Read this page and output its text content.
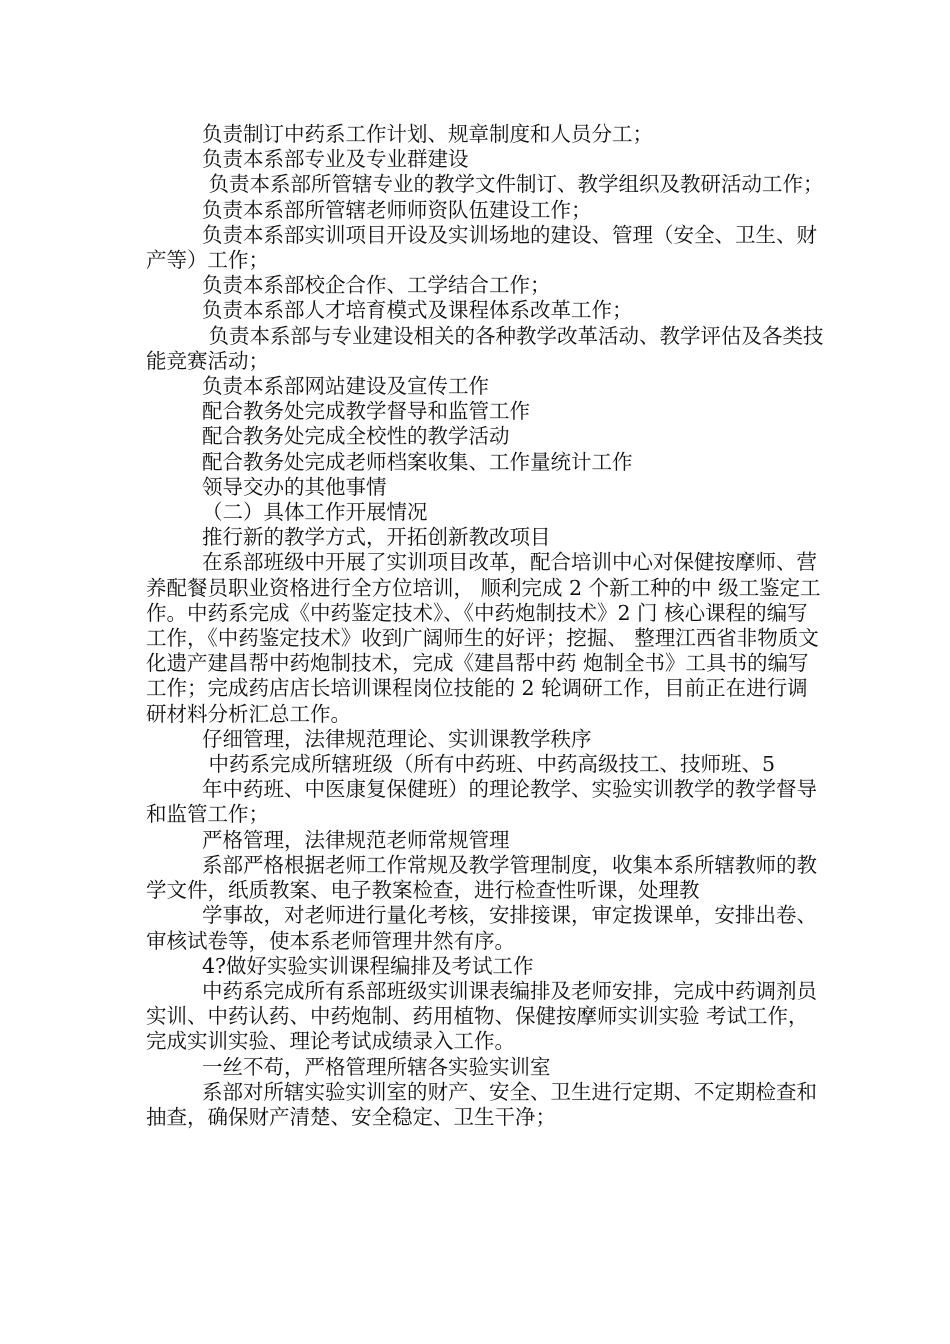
负责制订中药系工作计划、规章制度和人员分工；

负责本系部专业及专业群建设

负责本系部所管辖专业的教学文件制订、教学组织及教研活动工作；

负责本系部所管辖老师师资队伍建设工作；

负责本系部实训项目开设及实训场地的建设、管理（安全、卫生、财产等）工作；

负责本系部校企合作、工学结合工作；

负责本系部人才培育模式及课程体系改革工作；

负责本系部与专业建设相关的各种教学改革活动、教学评估及各类技能竞赛活动；

负责本系部网站建设及宣传工作

配合教务处完成教学督导和监管工作

配合教务处完成全校性的教学活动

配合教务处完成老师档案收集、工作量统计工作

领导交办的其他事情

（二）具体工作开展情况

推行新的教学方式，开拓创新教改项目

在系部班级中开展了实训项目改革，配合培训中心对保健按摩师、营养配餐员职业资格进行全方位培训， 顺利完成 2 个新工种的中 级工鉴定工作。中药系完成《中药鉴定技术》、《中药炮制技术》2 门 核心课程的编写工作，《中药鉴定技术》收到广阔师生的好评；挖掘、 整理江西省非物质文化遗产建昌帮中药炮制技术，完成《建昌帮中药 炮制全书》工具书的编写工作；完成药店店长培训课程岗位技能的 2 轮调研工作，目前正在进行调研材料分析汇总工作。

仔细管理，法律规范理论、实训课教学秩序

中药系完成所辖班级（所有中药班、中药高级技工、技师班、5

年中药班、中医康复保健班）的理论教学、实验实训教学的教学督导 和监管工作；

严格管理，法律规范老师常规管理

系部严格根据老师工作常规及教学管理制度，收集本系所辖教师的教学文件，纸质教案、电子教案检查，进行检查性听课，处理教

学事故，对老师进行量化考核，安排接课，审定拨课单，安排出卷、 审核试卷等，使本系老师管理井然有序。

4?做好实验实训课程编排及考试工作

中药系完成所有系部班级实训课表编排及老师安排，完成中药调剂员实训、中药认药、中药炮制、药用植物、保健按摩师实训实验 考试工作，完成实训实验、理论考试成绩录入工作。

一丝不苟，严格管理所辖各实验实训室

系部对所辖实验实训室的财产、安全、卫生进行定期、不定期检查和抽查，确保财产清楚、安全稳定、卫生干净；
